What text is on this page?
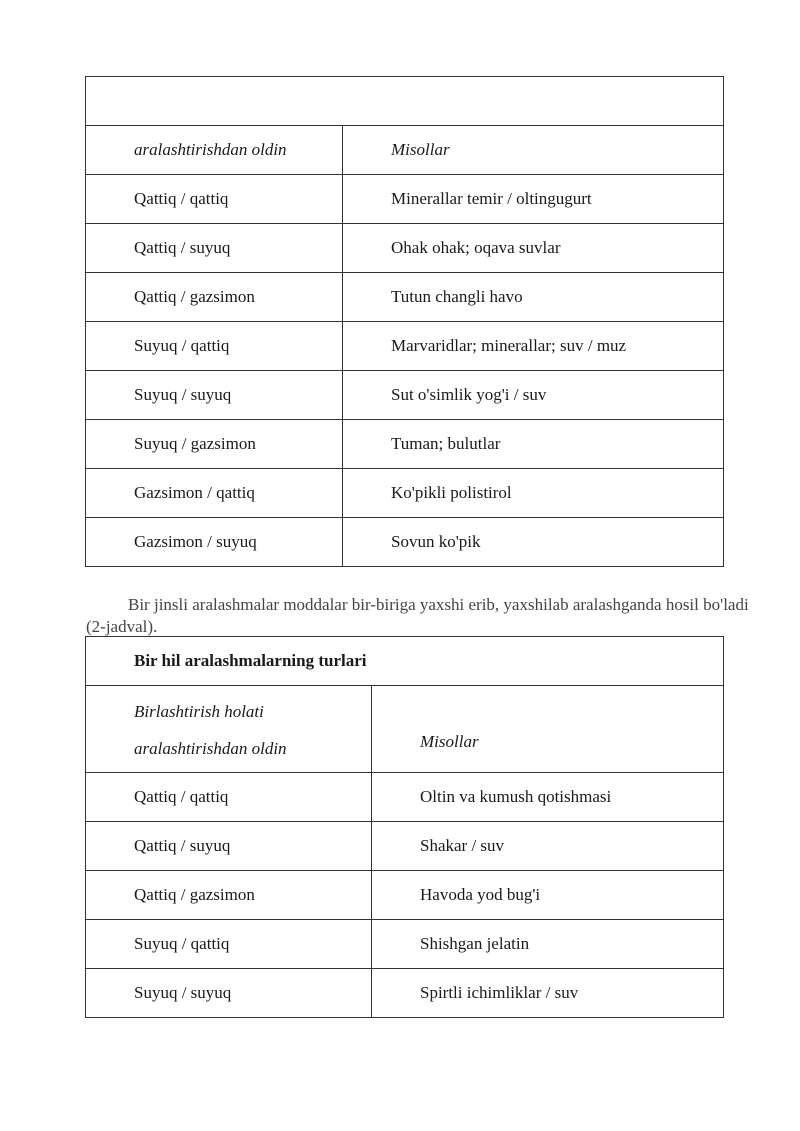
aralashtirishdan oldin	Misollar
Qattiq / qattiq	Minerallar temir / oltingugurt
Qattiq / suyuq	Ohak ohak; oqava suvlar
Qattiq / gazsimon	Tutun changli havo
Suyuq / qattiq	Marvaridlar; minerallar; suv / muz
Suyuq / suyuq	Sut o'simlik yog'i / suv
Suyuq / gazsimon	Tuman; bulutlar
Gazsimon / qattiq	Ko'pikli polistirol
Gazsimon / suyuq	Sovun ko'pik
Bir jinsli aralashmalar moddalar bir-biriga yaxshi erib, yaxshilab aralashganda hosil bo'ladi (2-jadval).
Bir hil aralashmalarning turlari	

Birlashtirish holati
aralashtirishdan oldin	Misollar
Qattiq / qattiq	Oltin va kumush qotishmasi
Qattiq / suyuq	Shakar / suv
Qattiq / gazsimon	Havoda yod bug'i
Suyuq / qattiq	Shishgan jelatin
Suyuq / suyuq	Spirtli ichimliklar / suv
